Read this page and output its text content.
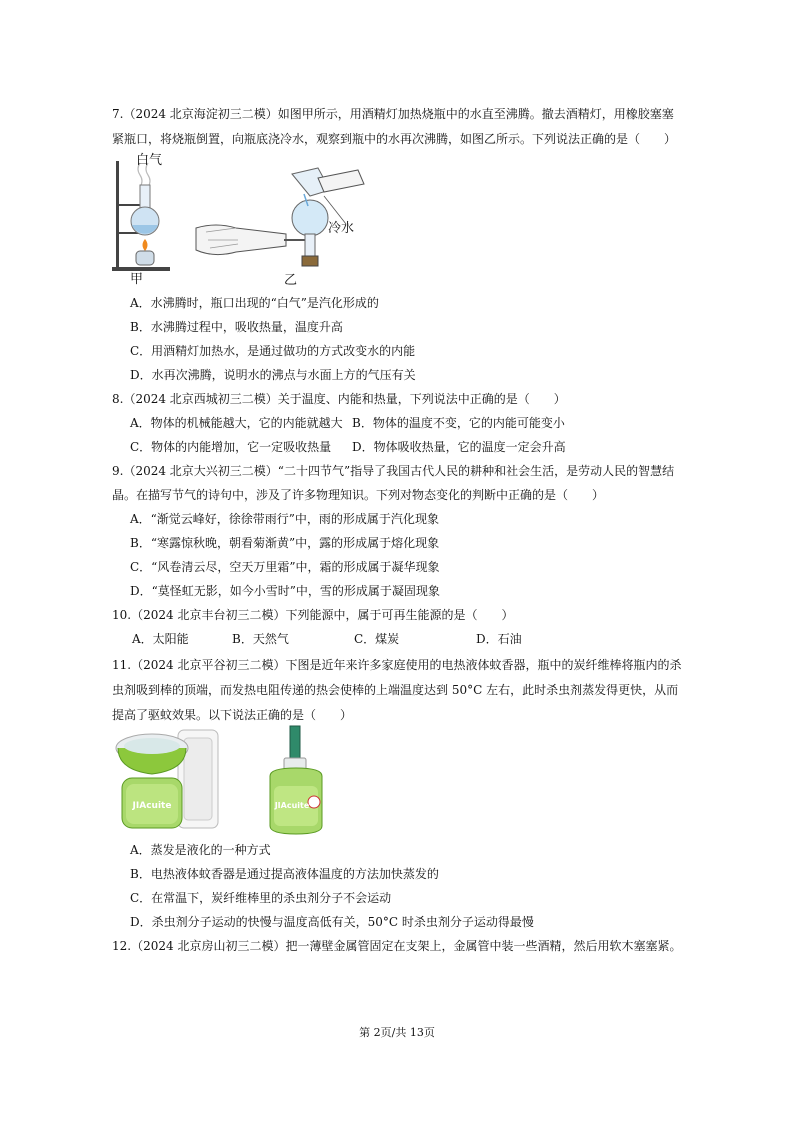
7.（2024 北京海淀初三二模）如图甲所示，用酒精灯加热烧瓶中的水直至沸腾。撤去酒精灯，用橡胶塞塞
紧瓶口，将烧瓶倒置，向瓶底浇冷水，观察到瓶中的水再次沸腾，如图乙所示。下列说法正确的是（　　）
白气
甲
冷水
乙
A．水沸腾时，瓶口出现的“白气”是汽化形成的
B．水沸腾过程中，吸收热量，温度升高
C．用酒精灯加热水，是通过做功的方式改变水的内能
D．水再次沸腾，说明水的沸点与水面上方的气压有关
8.（2024 北京西城初三二模）关于温度、内能和热量，下列说法中正确的是（　　）
A．物体的机械能越大，它的内能就越大 B．物体的温度不变，它的内能可能变小
C．物体的内能增加，它一定吸收热量 D．物体吸收热量，它的温度一定会升高
9.（2024 北京大兴初三二模）“二十四节气”指导了我国古代人民的耕种和社会生活，是劳动人民的智慧结
晶。在描写节气的诗句中，涉及了许多物理知识。下列对物态变化的判断中正确的是（　　）
A．“渐觉云峰好，徐徐带雨行”中，雨的形成属于汽化现象
B．“寒露惊秋晚，朝看菊渐黄”中，露的形成属于熔化现象
C．“风卷清云尽，空天万里霜”中，霜的形成属于凝华现象
D．“莫怪虹无影，如今小雪时”中，雪的形成属于凝固现象
10.（2024 北京丰台初三二模）下列能源中，属于可再生能源的是（　　）
A．太阳能	B．天然气	C．煤炭	D．石油
11.（2024 北京平谷初三二模）下图是近年来许多家庭使用的电热液体蚊香器，瓶中的炭纤维棒将瓶内的杀
虫剂吸到棒的顶端，而发热电阻传递的热会使棒的上端温度达到 50°C 左右，此时杀虫剂蒸发得更快，从而
提高了驱蚊效果。以下说法正确的是（　　）
JIAcuite	JIAcuite
A．蒸发是液化的一种方式
B．电热液体蚊香器是通过提高液体温度的方法加快蒸发的
C．在常温下，炭纤维棒里的杀虫剂分子不会运动
D．杀虫剂分子运动的快慢与温度高低有关，50°C 时杀虫剂分子运动得最慢
12.（2024 北京房山初三二模）把一薄壁金属管固定在支架上，金属管中装一些酒精，然后用软木塞塞紧。
第 2页/共 13页
